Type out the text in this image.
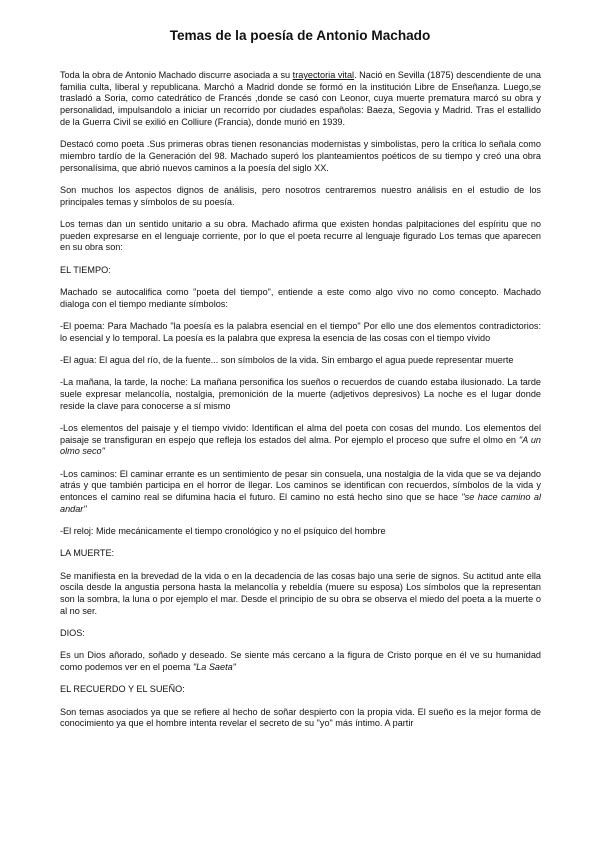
Temas de la poesía de Antonio Machado

Toda la obra de Antonio Machado discurre asociada a su trayectoria vital. Nació en Sevilla (1875) descendiente de una familia culta, liberal y republicana. Marchó a Madrid donde se formó en la institución Libre de Enseñanza. Luego,se trasladó a Soria, como catedrático de Francés ,donde se casó con Leonor, cuya muerte prematura marcó su obra y personalidad, impulsandolo a iniciar un recorrido por ciudades españolas: Baeza, Segovia y Madrid. Tras el estallido de la Guerra Civil se exilió en Colliure (Francia), donde murió en 1939.

Destacó como poeta .Sus primeras obras tienen resonancias modernistas y simbolistas, pero la crítica lo señala como miembro tardío de la Generación del 98. Machado superó los planteamientos poéticos de su tiempo y creó una obra personalísima, que abrió nuevos caminos a la poesía del siglo XX.

Son muchos los aspectos dignos de análisis, pero nosotros centraremos nuestro análisis en el estudio de los principales temas y símbolos de su poesía.

Los temas dan un sentido unitario a su obra. Machado afirma que existen hondas palpitaciones del espíritu que no pueden expresarse en el lenguaje corriente, por lo que el poeta recurre al lenguaje figurado Los temas que aparecen en su obra son:

EL TIEMPO:

Machado se autocalifica como "poeta del tiempo", entiende a este como algo vivo no como concepto. Machado dialoga con el tiempo mediante símbolos:

-El poema: Para Machado "la poesía es la palabra esencial en el tiempo" Por ello une dos elementos contradictorios: lo esencial y lo temporal. La poesía es la palabra que expresa la esencia de las cosas con el tiempo vivido

-El agua: El agua del río, de la fuente... son símbolos de la vida. Sin embargo el agua puede representar muerte

-La mañana, la tarde, la noche: La mañana personifica los sueños o recuerdos de cuando estaba ilusionado. La tarde suele expresar melancolía, nostalgia, premonición de la muerte (adjetivos depresivos) La noche es el lugar donde reside la clave para conocerse a sí mismo

-Los elementos del paisaje y el tiempo vivido: Identifican el alma del poeta con cosas del mundo. Los elementos del paisaje se transfiguran en espejo que refleja los estados del alma. Por ejemplo el proceso que sufre el olmo en "A un olmo seco"

-Los caminos: El caminar errante es un sentimiento de pesar sin consuela, una nostalgia de la vida que se va dejando atrás y que también participa en el horror de llegar. Los caminos se identifican con recuerdos, símbolos de la vida y entonces el camino real se difumina hacia el futuro. El camino no está hecho sino que se hace "se hace camino al andar"

-El reloj: Mide mecánicamente el tiempo cronológico y no el psíquico del hombre

LA MUERTE:

Se manifiesta en la brevedad de la vida o en la decadencia de las cosas bajo una serie de signos. Su actitud ante ella oscila desde la angustia persona hasta la melancolía y rebeldía (muere su esposa) Los símbolos que la representan son la sombra, la luna o por ejemplo el mar. Desde el principio de su obra se observa el miedo del poeta a la muerte o al no ser.

DIOS:

Es un Dios añorado, soñado y deseado. Se siente más cercano a la figura de Cristo porque en él ve su humanidad como podemos ver en el poema "La Saeta"

EL RECUERDO Y EL SUEÑO:

Son temas asociados ya que se refiere al hecho de soñar despierto con la propia vida. El sueño es la mejor forma de conocimiento ya que el hombre intenta revelar el secreto de su "yo" más íntimo. A partir
